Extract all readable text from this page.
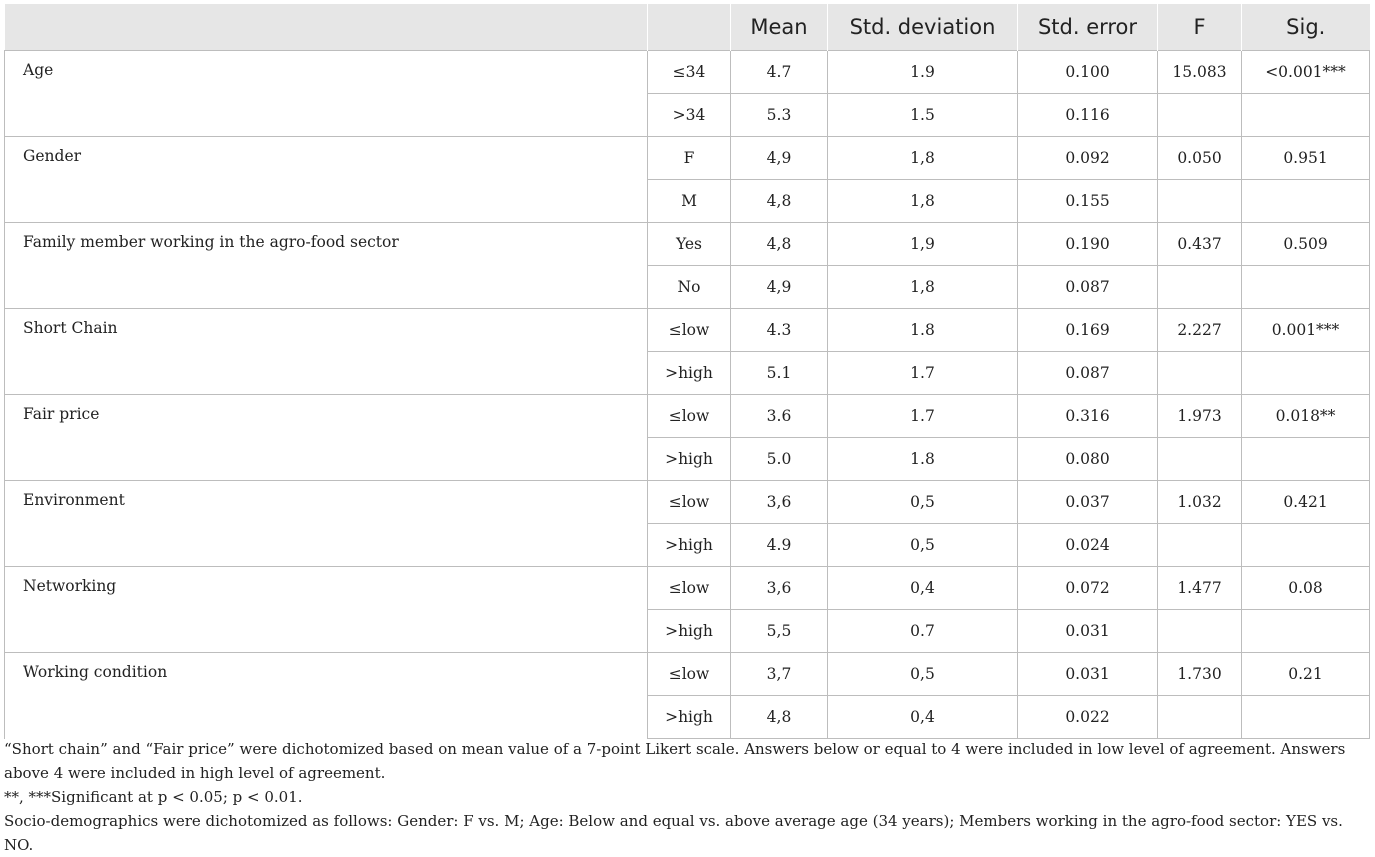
		Mean	Std. deviation	Std. error	F	Sig.
Age	≤34	4.7	1.9	0.100	15.083	<0.001***
	>34	5.3	1.5	0.116		
Gender	F	4,9	1,8	0.092	0.050	0.951
	M	4,8	1,8	0.155		
Family member working in the agro-food sector	Yes	4,8	1,9	0.190	0.437	0.509
	No	4,9	1,8	0.087		
Short Chain	≤low	4.3	1.8	0.169	2.227	0.001***
	>high	5.1	1.7	0.087		
Fair price	≤low	3.6	1.7	0.316	1.973	0.018**
	>high	5.0	1.8	0.080		
Environment	≤low	3,6	0,5	0.037	1.032	0.421
	>high	4.9	0,5	0.024		
Networking	≤low	3,6	0,4	0.072	1.477	0.08
	>high	5,5	0.7	0.031		
Working condition	≤low	3,7	0,5	0.031	1.730	0.21
	>high	4,8	0,4	0.022		

“Short chain” and “Fair price” were dichotomized based on mean value of a 7-point Likert scale. Answers below or equal to 4 were included in low level of agreement. Answers above 4 were included in high level of agreement.

**, ***Significant at p < 0.05; p < 0.01.

Socio-demographics were dichotomized as follows: Gender: F vs. M; Age: Below and equal vs. above average age (34 years); Members working in the agro-food sector: YES vs. NO.
